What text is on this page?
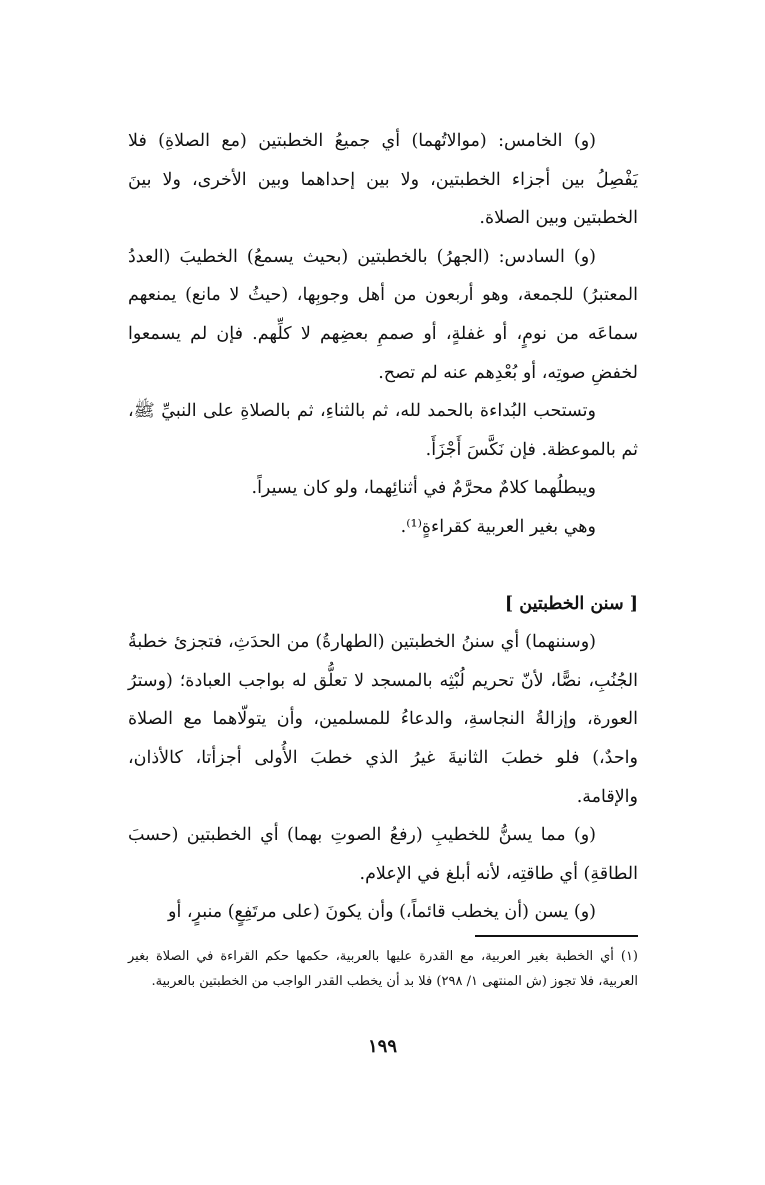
(و) الخامس: (موالاتُهما) أي جميعُ الخطبتين (مع الصلاةِ) فلا يَفْصِلُ بين أجزاء الخطبتين، ولا بين إحداهما وبين الأخرى، ولا بينَ الخطبتين وبين الصلاة.

(و) السادس: (الجهرُ) بالخطبتين (بحيث يسمعُ) الخطيبَ (العددُ المعتبرُ) للجمعة، وهو أربعون من أهل وجوبِها، (حيثُ لا مانع) يمنعهم سماعَه من نومٍ، أو غفلةٍ، أو صممِ بعضِهم لا كلِّهم. فإن لم يسمعوا لخفضِ صوتِه، أو بُعْدِهم عنه لم تصح.

وتستحب البُداءة بالحمد لله، ثم بالثناءِ، ثم بالصلاةِ على النبيِّ ﷺ، ثم بالموعظة. فإن نَكَّسَ أَجْزَأَ.

ويبطلُهما كلامٌ محرَّمٌ في أثنائِهما، ولو كان يسيراً.

وهي بغير العربية كقراءةٍ⁽¹⁾.

[ سنن الخطبتين ]

(وسننهما) أي سننُ الخطبتين (الطهارةُ) من الحدَثِ، فتجزئ خطبةُ الجُنُبِ، نصًّا، لأنّ تحريم لُبْثِه بالمسجد لا تعلُّق له بواجب العبادة؛ (وسترُ العورة، وإزالةُ النجاسةِ، والدعاءُ للمسلمين، وأن يتولّاهما مع الصلاة واحدٌ،) فلو خطبَ الثانيةَ غيرُ الذي خطبَ الأُولى أجزأتا، كالأذان، والإقامة.

(و) مما يسنُّ للخطيبِ (رفعُ الصوتِ بهما) أي الخطبتين (حسبَ الطاقةِ) أي طاقتِه، لأنه أبلغ في الإعلام.

(و) يسن (أن يخطب قائماً،) وأن يكونَ (على مرتَفِعٍ) منبرٍ، أو

(١) أي الخطبة بغير العربية، مع القدرة عليها بالعربية، حكمها حكم القراءة في الصلاة بغير العربية، فلا تجوز (ش المنتهى ١/ ٢٩٨) فلا بد أن يخطب القدر الواجب من الخطبتين بالعربية.

١٩٩
